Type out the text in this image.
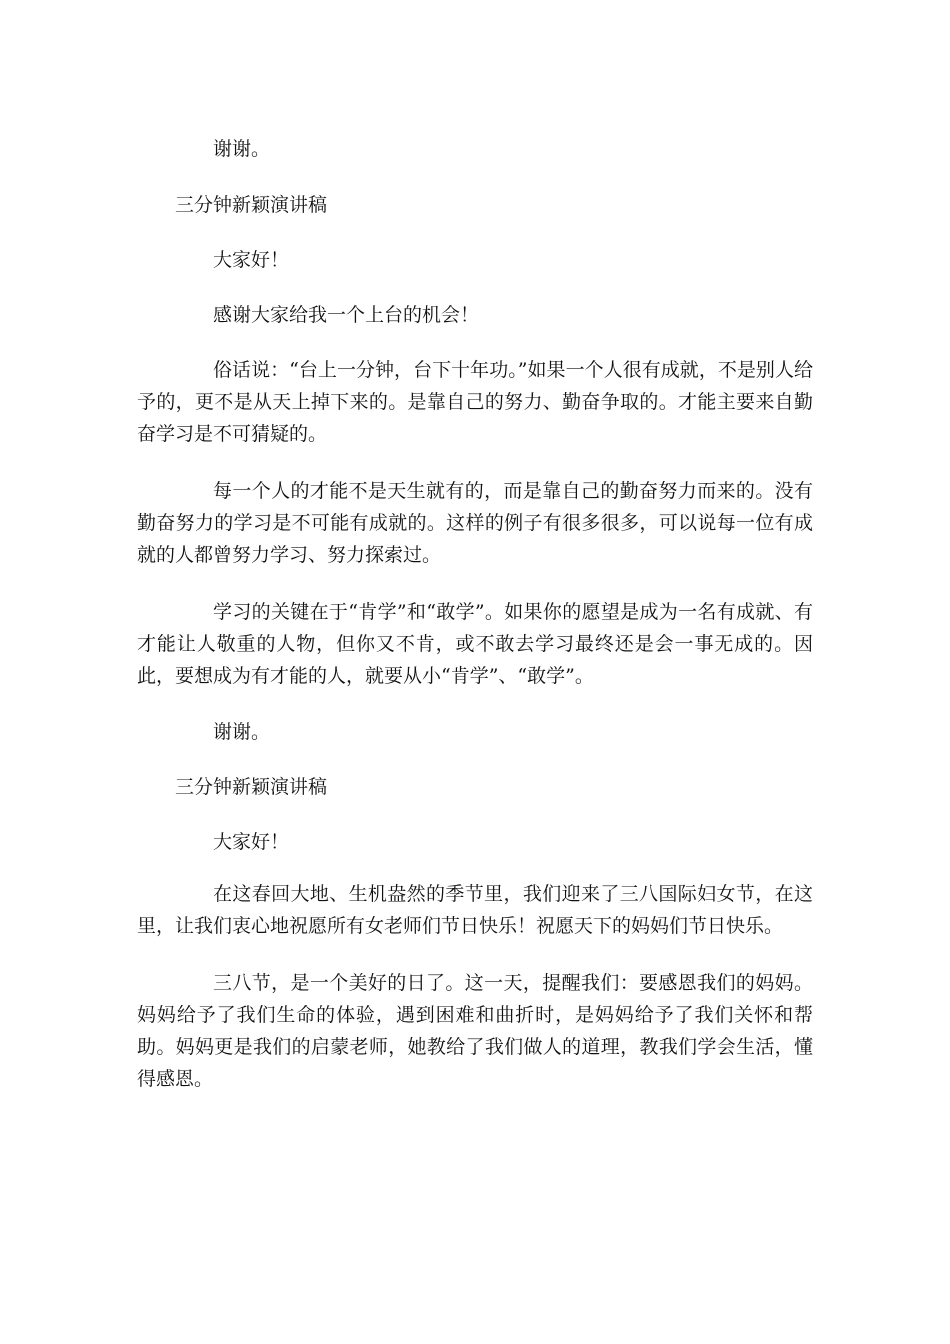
谢谢。
三分钟新颖演讲稿
大家好！
感谢大家给我一个上台的机会！
俗话说：“台上一分钟，台下十年功。”如果一个人很有成就，不是别人给予的，更不是从天上掉下来的。是靠自己的努力、勤奋争取的。才能主要来自勤奋学习是不可猜疑的。
每一个人的才能不是天生就有的，而是靠自己的勤奋努力而来的。没有勤奋努力的学习是不可能有成就的。这样的例子有很多很多，可以说每一位有成就的人都曾努力学习、努力探索过。
学习的关键在于“肯学”和“敢学”。如果你的愿望是成为一名有成就、有才能让人敬重的人物，但你又不肯，或不敢去学习最终还是会一事无成的。因此，要想成为有才能的人，就要从小“肯学”、“敢学”。
谢谢。
三分钟新颖演讲稿
大家好！
在这春回大地、生机盎然的季节里，我们迎来了三八国际妇女节，在这里，让我们衷心地祝愿所有女老师们节日快乐！祝愿天下的妈妈们节日快乐。
三八节，是一个美好的日了。这一天，提醒我们：要感恩我们的妈妈。妈妈给予了我们生命的体验，遇到困难和曲折时，是妈妈给予了我们关怀和帮助。妈妈更是我们的启蒙老师，她教给了我们做人的道理，教我们学会生活，懂得感恩。
